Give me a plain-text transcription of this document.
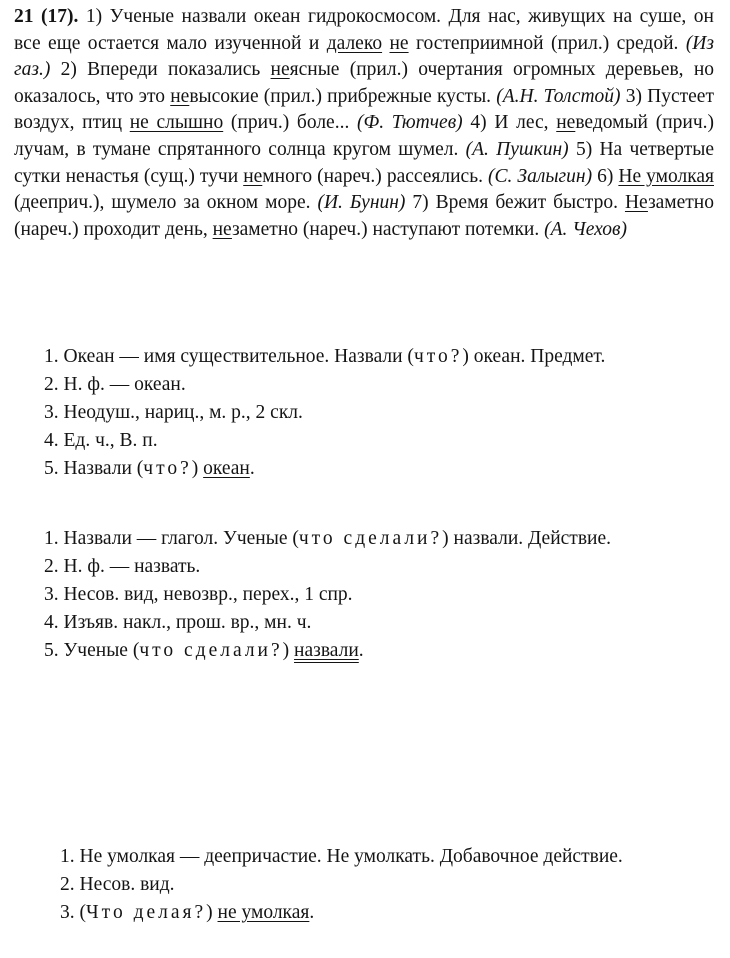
21 (17). 1) Ученые назвали океан гидрокосмосом. Для нас, живущих на суше, он все еще остается мало изученной и далеко не гостеприимной (прил.) средой. (Из газ.) 2) Впереди показались неясные (прил.) очертания огромных деревьев, но оказалось, что это невысокие (прил.) прибрежные кусты. (А.Н. Толстой) 3) Пустеет воздух, птиц не слышно (прич.) боле... (Ф. Тютчев) 4) И лес, неведомый (прич.) лучам, в тумане спрятанного солнца кругом шумел. (А. Пушкин) 5) На четвертые сутки ненастья (сущ.) тучи немного (нареч.) рассеялись. (С. Залыгин) 6) Не умолкая (дееприч.), шумело за окном море. (И. Бунин) 7) Время бежит быстро. Незаметно (нареч.) проходит день, незаметно (нареч.) наступают потемки. (А. Чехов)

1. Океан — имя существительное. Назвали (что?) океан. Предмет.

2. Н. ф. — океан.

3. Неодуш., нариц., м. р., 2 скл.

4. Ед. ч., В. п.

5. Назвали (что?) океан.

1. Назвали — глагол. Ученые (что сделали?) назвали. Действие.

2. Н. ф. — назвать.

3. Несов. вид, невозвр., перех., 1 спр.

4. Изъяв. накл., прош. вр., мн. ч.

5. Ученые (что сделали?) назвали.

1. Не умолкая — деепричастие. Не умолкать. Добавочное действие.

2. Несов. вид.

3. (Что делая?) не умолкая.
